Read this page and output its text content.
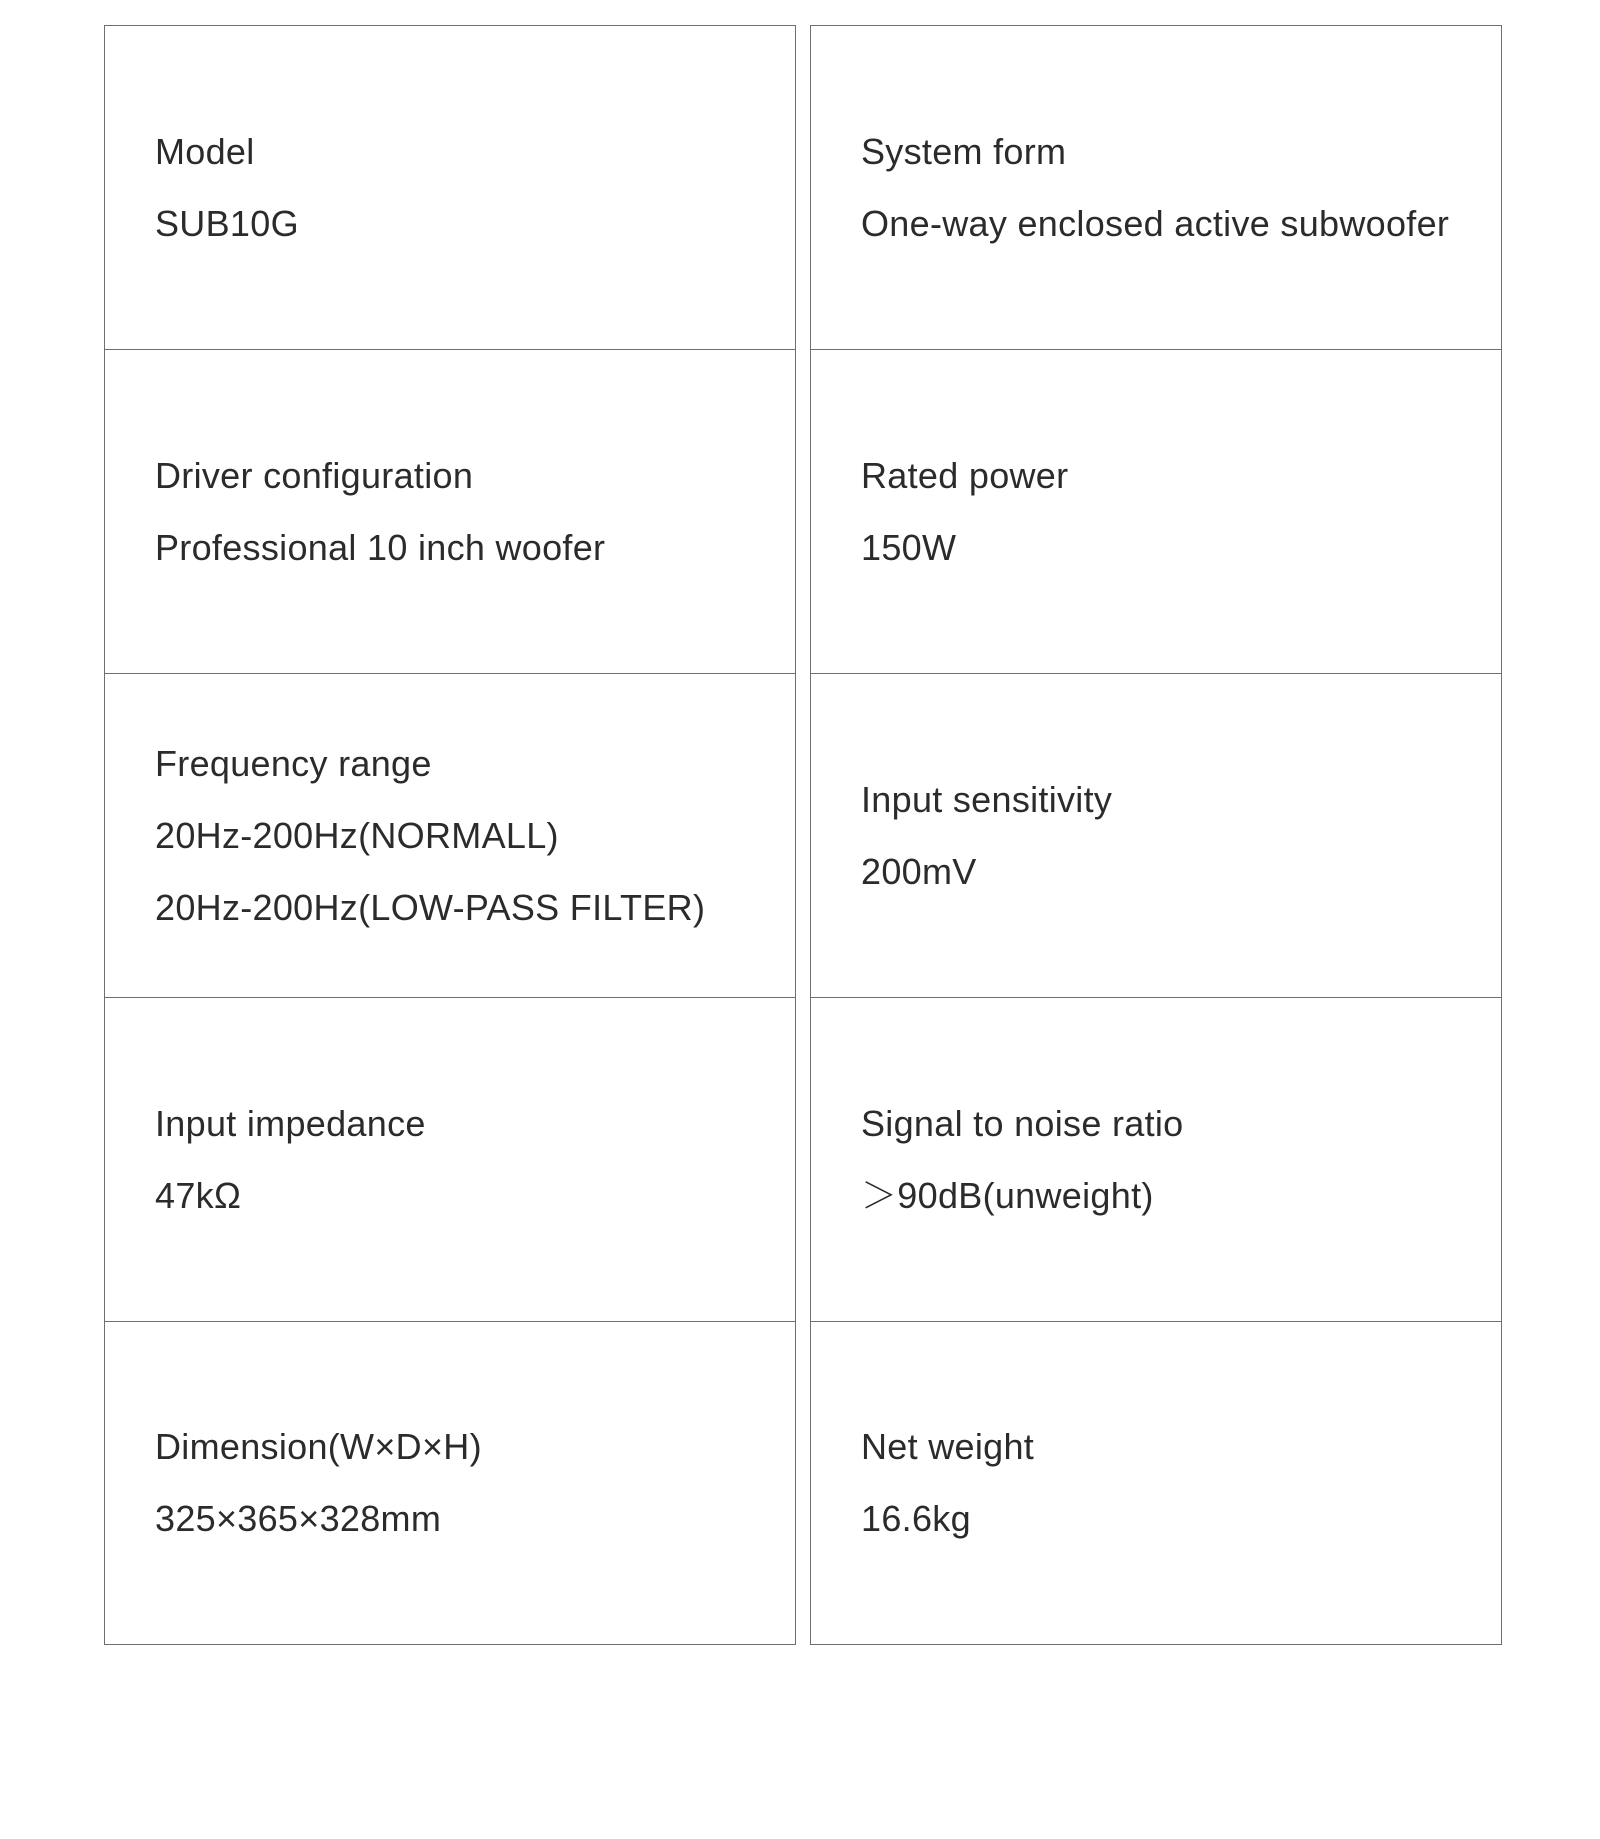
Model
SUB10G
System form
One-way enclosed active subwoofer
Driver configuration
Professional 10 inch woofer
Rated power
150W
Frequency range
20Hz-200Hz(NORMALL)
20Hz-200Hz(LOW-PASS FILTER)
Input sensitivity
200mV
Input impedance
47kΩ
Signal to noise ratio
＞90dB(unweight)
Dimension(W×D×H)
325×365×328mm
Net weight
16.6kg
